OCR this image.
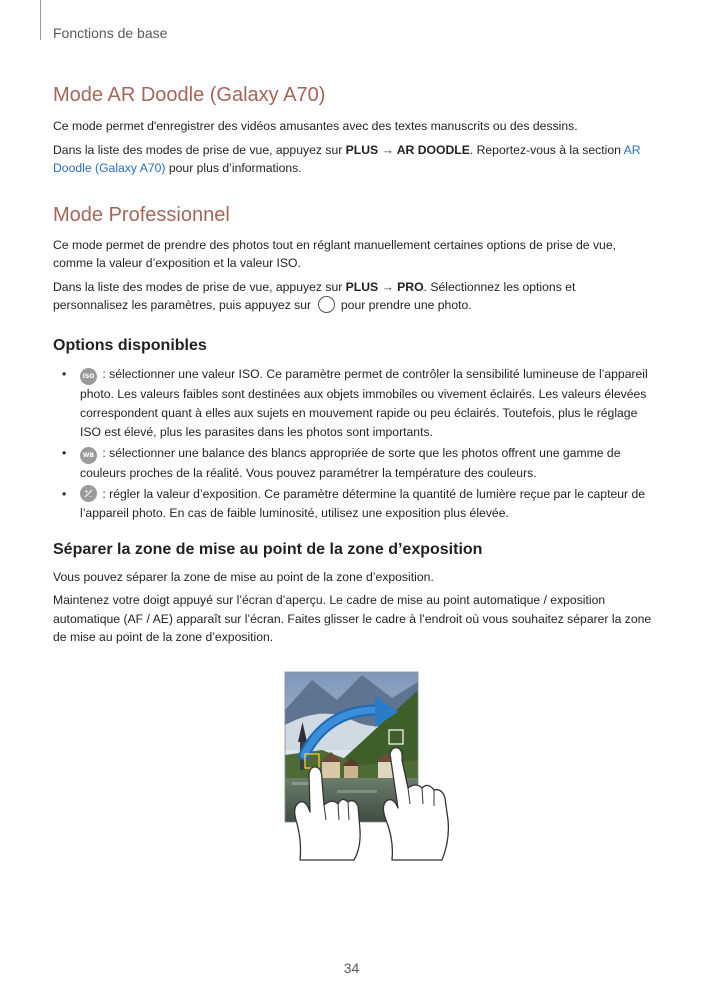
Fonctions de base
Mode AR Doodle (Galaxy A70)

Ce mode permet d'enregistrer des vidéos amusantes avec des textes manuscrits ou des dessins.

Dans la liste des modes de prise de vue, appuyez sur PLUS → AR DOODLE. Reportez-vous à la section AR Doodle (Galaxy A70) pour plus d’informations.

Mode Professionnel

Ce mode permet de prendre des photos tout en réglant manuellement certaines options de prise de vue, comme la valeur d’exposition et la valeur ISO.

Dans la liste des modes de prise de vue, appuyez sur PLUS → PRO. Sélectionnez les options et personnalisez les paramètres, puis appuyez sur  pour prendre une photo.

Options disponibles
•	ISO : sélectionner une valeur ISO. Ce paramètre permet de contrôler la sensibilité lumineuse de l’appareil photo. Les valeurs faibles sont destinées aux objets immobiles ou vivement éclairés. Les valeurs élevées correspondent quant à elles aux sujets en mouvement rapide ou peu éclairés. Toutefois, plus le réglage ISO est élevé, plus les parasites dans les photos sont importants.
•	WB : sélectionner une balance des blancs appropriée de sorte que les photos offrent une gamme de couleurs proches de la réalité. Vous pouvez paramétrer la température des couleurs.
•	+
- : régler la valeur d’exposition. Ce paramètre détermine la quantité de lumière reçue par le capteur de l’appareil photo. En cas de faible luminosité, utilisez une exposition plus élevée.
Séparer la zone de mise au point de la zone d’exposition

Vous pouvez séparer la zone de mise au point de la zone d’exposition.

Maintenez votre doigt appuyé sur l’écran d’aperçu. Le cadre de mise au point automatique / exposition automatique (AF / AE) apparaît sur l’écran. Faites glisser le cadre à l’endroit où vous souhaitez séparer la zone de mise au point de la zone d’exposition.

34
